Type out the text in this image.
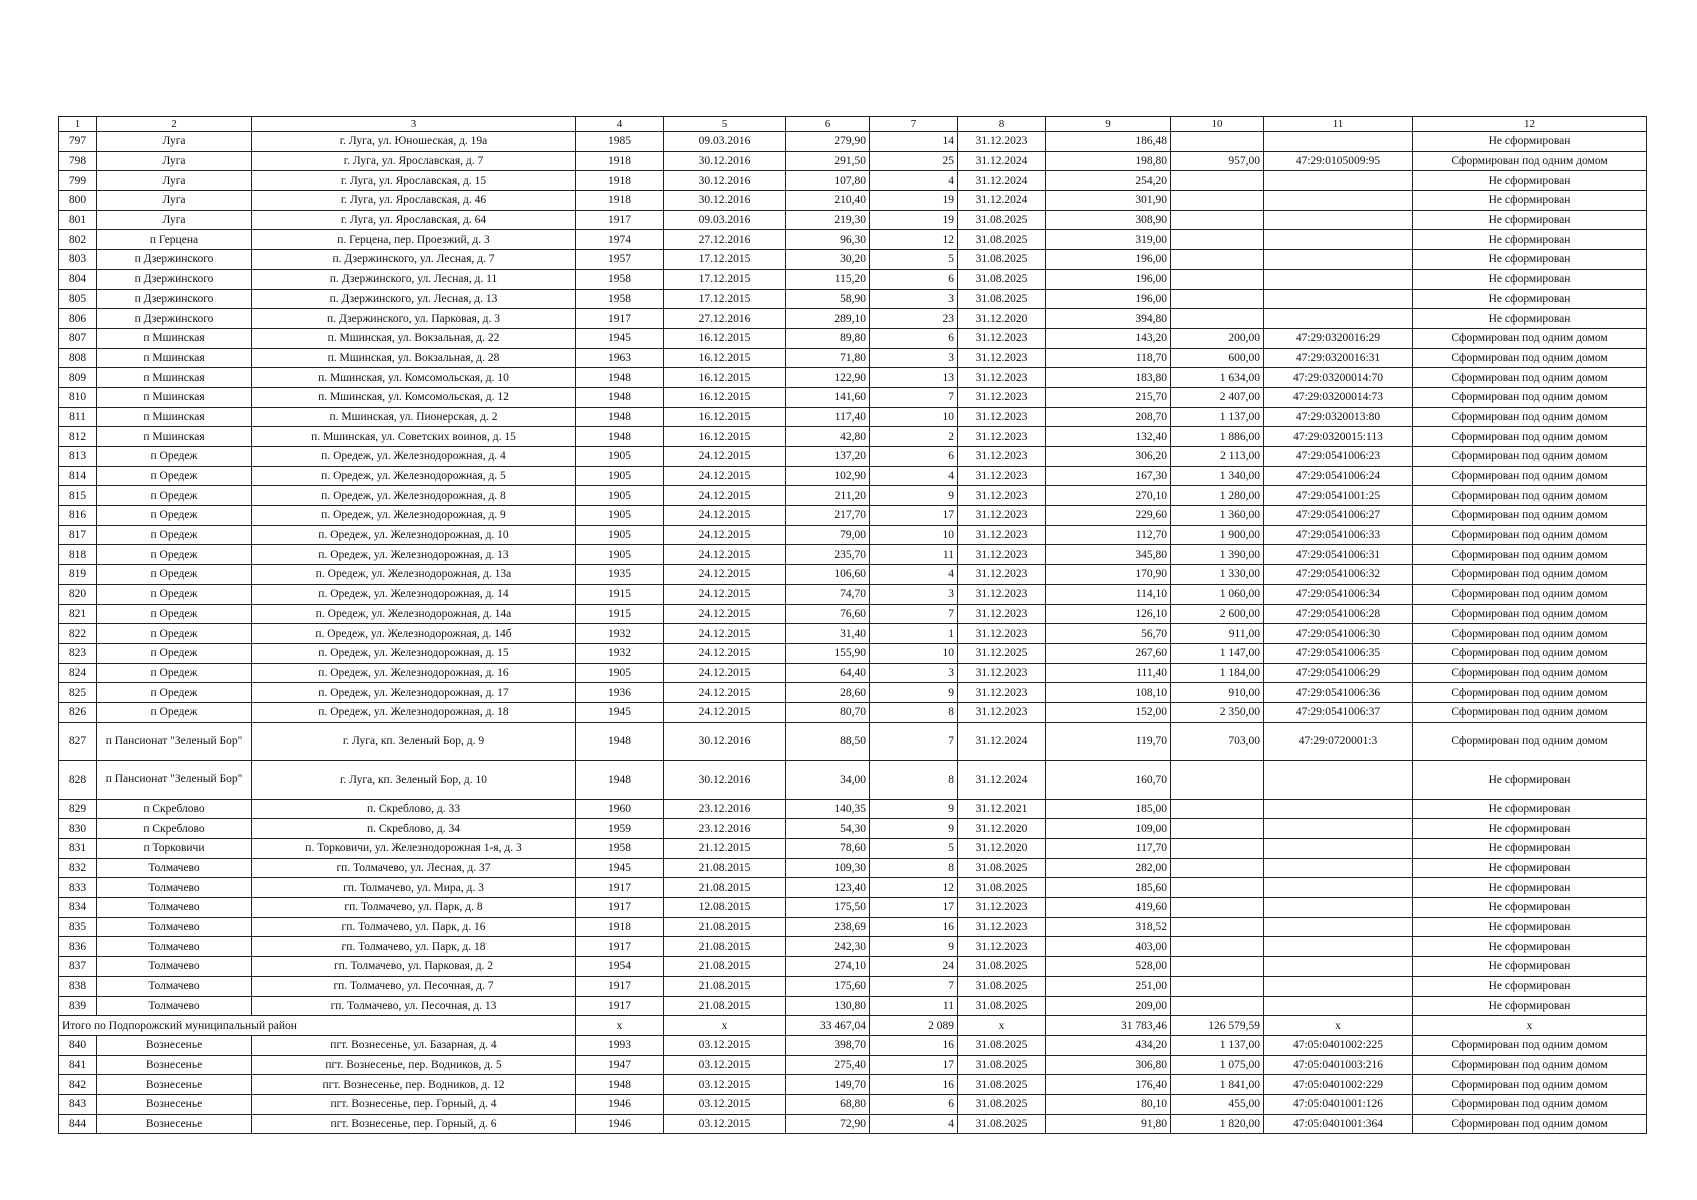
1	2	3	4	5	6	7	8	9	10	11	12
797	Луга	г. Луга, ул. Юношеская, д. 19а	1985	09.03.2016	279,90	14	31.12.2023	186,48			Не сформирован
798	Луга	г. Луга, ул. Ярославская, д. 7	1918	30.12.2016	291,50	25	31.12.2024	198,80	957,00	47:29:0105009:95	Сформирован под одним домом
799	Луга	г. Луга, ул. Ярославская, д. 15	1918	30.12.2016	107,80	4	31.12.2024	254,20			Не сформирован
800	Луга	г. Луга, ул. Ярославская, д. 46	1918	30.12.2016	210,40	19	31.12.2024	301,90			Не сформирован
801	Луга	г. Луга, ул. Ярославская, д. 64	1917	09.03.2016	219,30	19	31.08.2025	308,90			Не сформирован
802	п Герцена	п. Герцена, пер. Проезжий, д. 3	1974	27.12.2016	96,30	12	31.08.2025	319,00			Не сформирован
803	п Дзержинского	п. Дзержинского, ул. Лесная, д. 7	1957	17.12.2015	30,20	5	31.08.2025	196,00			Не сформирован
804	п Дзержинского	п. Дзержинского, ул. Лесная, д. 11	1958	17.12.2015	115,20	6	31.08.2025	196,00			Не сформирован
805	п Дзержинского	п. Дзержинского, ул. Лесная, д. 13	1958	17.12.2015	58,90	3	31.08.2025	196,00			Не сформирован
806	п Дзержинского	п. Дзержинского, ул. Парковая, д. 3	1917	27.12.2016	289,10	23	31.12.2020	394,80			Не сформирован
807	п Мшинская	п. Мшинская, ул. Вокзальная, д. 22	1945	16.12.2015	89,80	6	31.12.2023	143,20	200,00	47:29:0320016:29	Сформирован под одним домом
808	п Мшинская	п. Мшинская, ул. Вокзальная, д. 28	1963	16.12.2015	71,80	3	31.12.2023	118,70	600,00	47:29:0320016:31	Сформирован под одним домом
809	п Мшинская	п. Мшинская, ул. Комсомольская, д. 10	1948	16.12.2015	122,90	13	31.12.2023	183,80	1 634,00	47:29:03200014:70	Сформирован под одним домом
810	п Мшинская	п. Мшинская, ул. Комсомольская, д. 12	1948	16.12.2015	141,60	7	31.12.2023	215,70	2 407,00	47:29:03200014:73	Сформирован под одним домом
811	п Мшинская	п. Мшинская, ул. Пионерская, д. 2	1948	16.12.2015	117,40	10	31.12.2023	208,70	1 137,00	47:29:0320013:80	Сформирован под одним домом
812	п Мшинская	п. Мшинская, ул. Советских воинов, д. 15	1948	16.12.2015	42,80	2	31.12.2023	132,40	1 886,00	47:29:0320015:113	Сформирован под одним домом
813	п Оредеж	п. Оредеж, ул. Железнодорожная, д. 4	1905	24.12.2015	137,20	6	31.12.2023	306,20	2 113,00	47:29:0541006:23	Сформирован под одним домом
814	п Оредеж	п. Оредеж, ул. Железнодорожная, д. 5	1905	24.12.2015	102,90	4	31.12.2023	167,30	1 340,00	47:29:0541006:24	Сформирован под одним домом
815	п Оредеж	п. Оредеж, ул. Железнодорожная, д. 8	1905	24.12.2015	211,20	9	31.12.2023	270,10	1 280,00	47:29:0541001:25	Сформирован под одним домом
816	п Оредеж	п. Оредеж, ул. Железнодорожная, д. 9	1905	24.12.2015	217,70	17	31.12.2023	229,60	1 360,00	47:29:0541006:27	Сформирован под одним домом
817	п Оредеж	п. Оредеж, ул. Железнодорожная, д. 10	1905	24.12.2015	79,00	10	31.12.2023	112,70	1 900,00	47:29:0541006:33	Сформирован под одним домом
818	п Оредеж	п. Оредеж, ул. Железнодорожная, д. 13	1905	24.12.2015	235,70	11	31.12.2023	345,80	1 390,00	47:29:0541006:31	Сформирован под одним домом
819	п Оредеж	п. Оредеж, ул. Железнодорожная, д. 13а	1935	24.12.2015	106,60	4	31.12.2023	170,90	1 330,00	47:29:0541006:32	Сформирован под одним домом
820	п Оредеж	п. Оредеж, ул. Железнодорожная, д. 14	1915	24.12.2015	74,70	3	31.12.2023	114,10	1 060,00	47:29:0541006:34	Сформирован под одним домом
821	п Оредеж	п. Оредеж, ул. Железнодорожная, д. 14а	1915	24.12.2015	76,60	7	31.12.2023	126,10	2 600,00	47:29:0541006:28	Сформирован под одним домом
822	п Оредеж	п. Оредеж, ул. Железнодорожная, д. 14б	1932	24.12.2015	31,40	1	31.12.2023	56,70	911,00	47:29:0541006:30	Сформирован под одним домом
823	п Оредеж	п. Оредеж, ул. Железнодорожная, д. 15	1932	24.12.2015	155,90	10	31.12.2025	267,60	1 147,00	47:29:0541006:35	Сформирован под одним домом
824	п Оредеж	п. Оредеж, ул. Железнодорожная, д. 16	1905	24.12.2015	64,40	3	31.12.2023	111,40	1 184,00	47:29:0541006:29	Сформирован под одним домом
825	п Оредеж	п. Оредеж, ул. Железнодорожная, д. 17	1936	24.12.2015	28,60	9	31.12.2023	108,10	910,00	47:29:0541006:36	Сформирован под одним домом
826	п Оредеж	п. Оредеж, ул. Железнодорожная, д. 18	1945	24.12.2015	80,70	8	31.12.2023	152,00	2 350,00	47:29:0541006:37	Сформирован под одним домом
827	п Пансионат "Зеленый Бор"	г. Луга, кп. Зеленый Бор, д. 9	1948	30.12.2016	88,50	7	31.12.2024	119,70	703,00	47:29:0720001:3	Сформирован под одним домом
828	п Пансионат "Зеленый Бор"	г. Луга, кп. Зеленый Бор, д. 10	1948	30.12.2016	34,00	8	31.12.2024	160,70			Не сформирован
829	п Скреблово	п. Скреблово, д. 33	1960	23.12.2016	140,35	9	31.12.2021	185,00			Не сформирован
830	п Скреблово	п. Скреблово, д. 34	1959	23.12.2016	54,30	9	31.12.2020	109,00			Не сформирован
831	п Торковичи	п. Торковичи, ул. Железнодорожная 1-я, д. 3	1958	21.12.2015	78,60	5	31.12.2020	117,70			Не сформирован
832	Толмачево	гп. Толмачево, ул. Лесная, д. 37	1945	21.08.2015	109,30	8	31.08.2025	282,00			Не сформирован
833	Толмачево	гп. Толмачево, ул. Мира, д. 3	1917	21.08.2015	123,40	12	31.08.2025	185,60			Не сформирован
834	Толмачево	гп. Толмачево, ул. Парк, д. 8	1917	12.08.2015	175,50	17	31.12.2023	419,60			Не сформирован
835	Толмачево	гп. Толмачево, ул. Парк, д. 16	1918	21.08.2015	238,69	16	31.12.2023	318,52			Не сформирован
836	Толмачево	гп. Толмачево, ул. Парк, д. 18	1917	21.08.2015	242,30	9	31.12.2023	403,00			Не сформирован
837	Толмачево	гп. Толмачево, ул. Парковая, д. 2	1954	21.08.2015	274,10	24	31.08.2025	528,00			Не сформирован
838	Толмачево	гп. Толмачево, ул. Песочная, д. 7	1917	21.08.2015	175,60	7	31.08.2025	251,00			Не сформирован
839	Толмачево	гп. Толмачево, ул. Песочная, д. 13	1917	21.08.2015	130,80	11	31.08.2025	209,00			Не сформирован
Итого по Подпорожский муниципальный район			x	x	33 467,04	2 089	x	31 783,46	126 579,59	x	x
840	Вознесенье	пгт. Вознесенье, ул. Базарная, д. 4	1993	03.12.2015	398,70	16	31.08.2025	434,20	1 137,00	47:05:0401002:225	Сформирован под одним домом
841	Вознесенье	пгт. Вознесенье, пер. Водников, д. 5	1947	03.12.2015	275,40	17	31.08.2025	306,80	1 075,00	47:05:0401003:216	Сформирован под одним домом
842	Вознесенье	пгт. Вознесенье, пер. Водников, д. 12	1948	03.12.2015	149,70	16	31.08.2025	176,40	1 841,00	47:05:0401002:229	Сформирован под одним домом
843	Вознесенье	пгт. Вознесенье, пер. Горный, д. 4	1946	03.12.2015	68,80	6	31.08.2025	80,10	455,00	47:05:0401001:126	Сформирован под одним домом
844	Вознесенье	пгт. Вознесенье, пер. Горный, д. 6	1946	03.12.2015	72,90	4	31.08.2025	91,80	1 820,00	47:05:0401001:364	Сформирован под одним домом
